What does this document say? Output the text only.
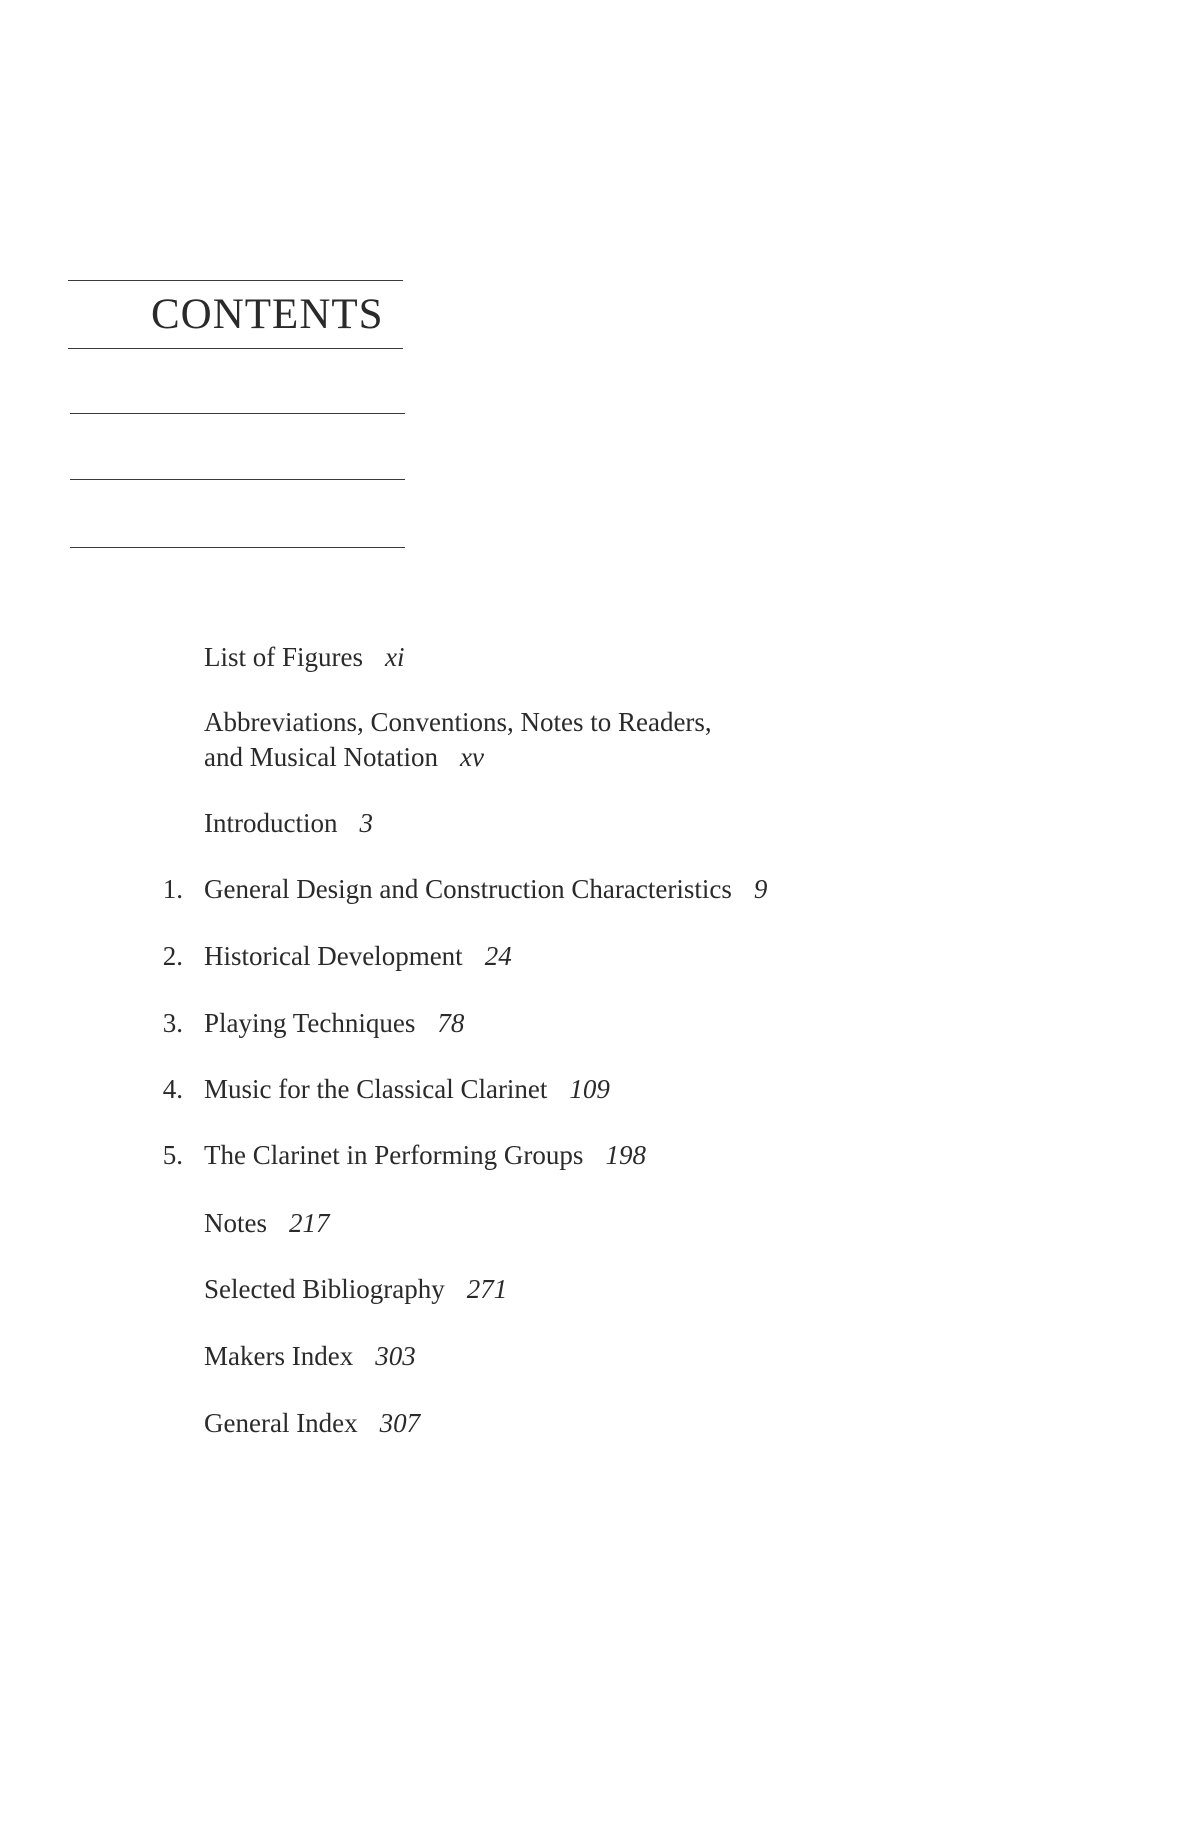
CONTENTS
List of Figures xi
Abbreviations, Conventions, Notes to Readers,
and Musical Notation xv
Introduction 3
1. General Design and Construction Characteristics 9
2. Historical Development 24
3. Playing Techniques 78
4. Music for the Classical Clarinet 109
5. The Clarinet in Performing Groups 198
Notes 217
Selected Bibliography 271
Makers Index 303
General Index 307
